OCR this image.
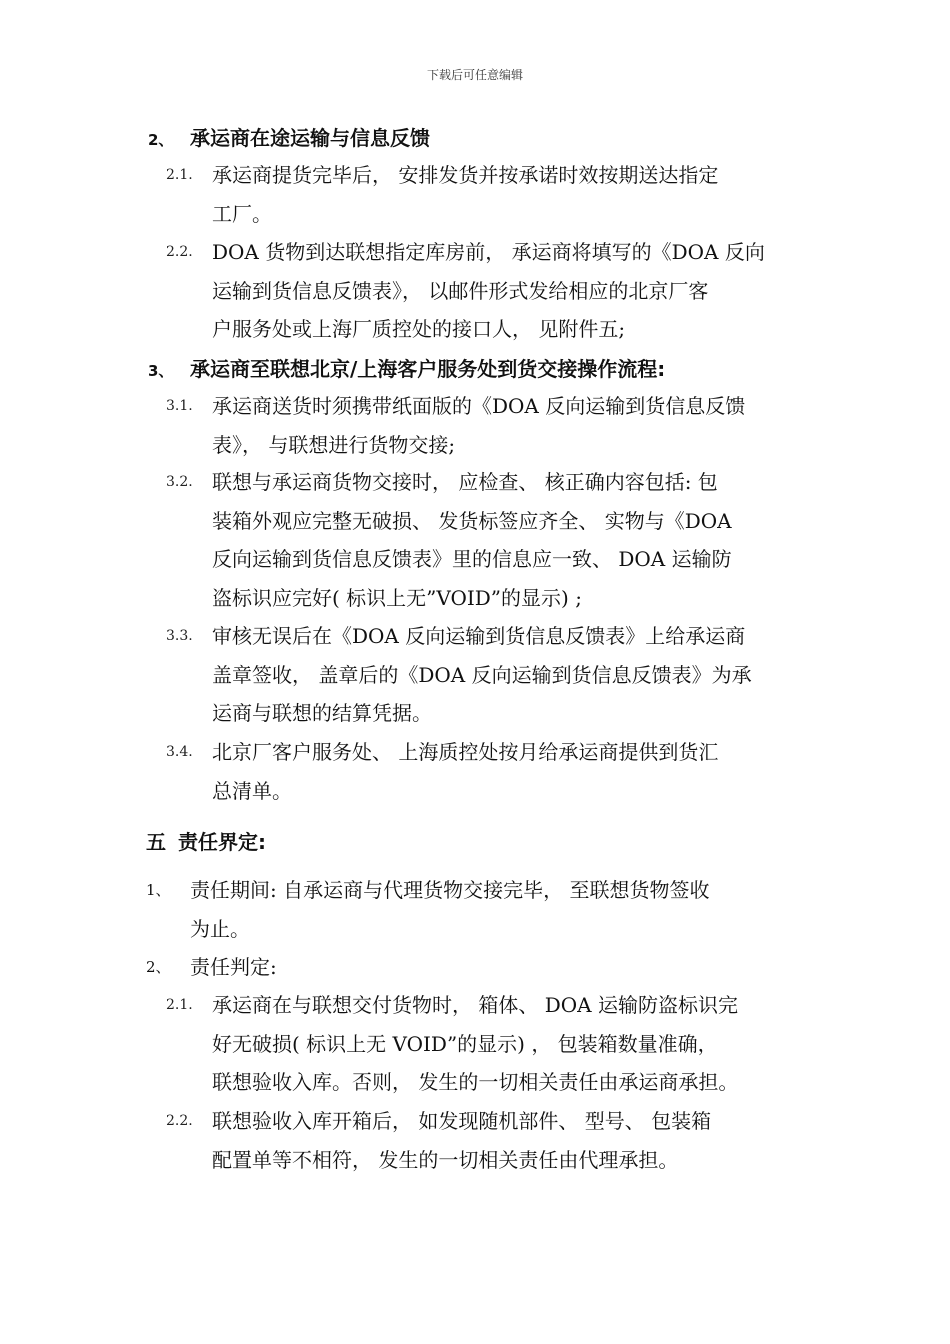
下载后可任意编辑
2、 承运商在途运输与信息反馈
2.1. 承运商提货完毕后， 安排发货并按承诺时效按期送达指定
工厂。
2.2. DOA 货物到达联想指定库房前， 承运商将填写的《DOA 反向
运输到货信息反馈表》， 以邮件形式发给相应的北京厂客
户服务处或上海厂质控处的接口人， 见附件五;
3、 承运商至联想北京/上海客户服务处到货交接操作流程:
3.1. 承运商送货时须携带纸面版的《DOA 反向运输到货信息反馈
表》， 与联想进行货物交接;
3.2. 联想与承运商货物交接时， 应检查、 核正确内容包括: 包
装箱外观应完整无破损、 发货标签应齐全、 实物与《DOA
反向运输到货信息反馈表》里的信息应一致、 DOA 运输防
盗标识应完好( 标识上无”VOID”的显示) ;
3.3. 审核无误后在《DOA 反向运输到货信息反馈表》上给承运商
盖章签收， 盖章后的《DOA 反向运输到货信息反馈表》为承
运商与联想的结算凭据。
3.4. 北京厂客户服务处、 上海质控处按月给承运商提供到货汇
总清单。
五 责任界定:
1、 责任期间: 自承运商与代理货物交接完毕， 至联想货物签收
为止。
2、 责任判定:
2.1. 承运商在与联想交付货物时， 箱体、 DOA 运输防盗标识完
好无破损( 标识上无 VOID”的显示) ， 包装箱数量准确，
联想验收入库。否则， 发生的一切相关责任由承运商承担。
2.2. 联想验收入库开箱后， 如发现随机部件、 型号、 包装箱
配置单等不相符， 发生的一切相关责任由代理承担。
